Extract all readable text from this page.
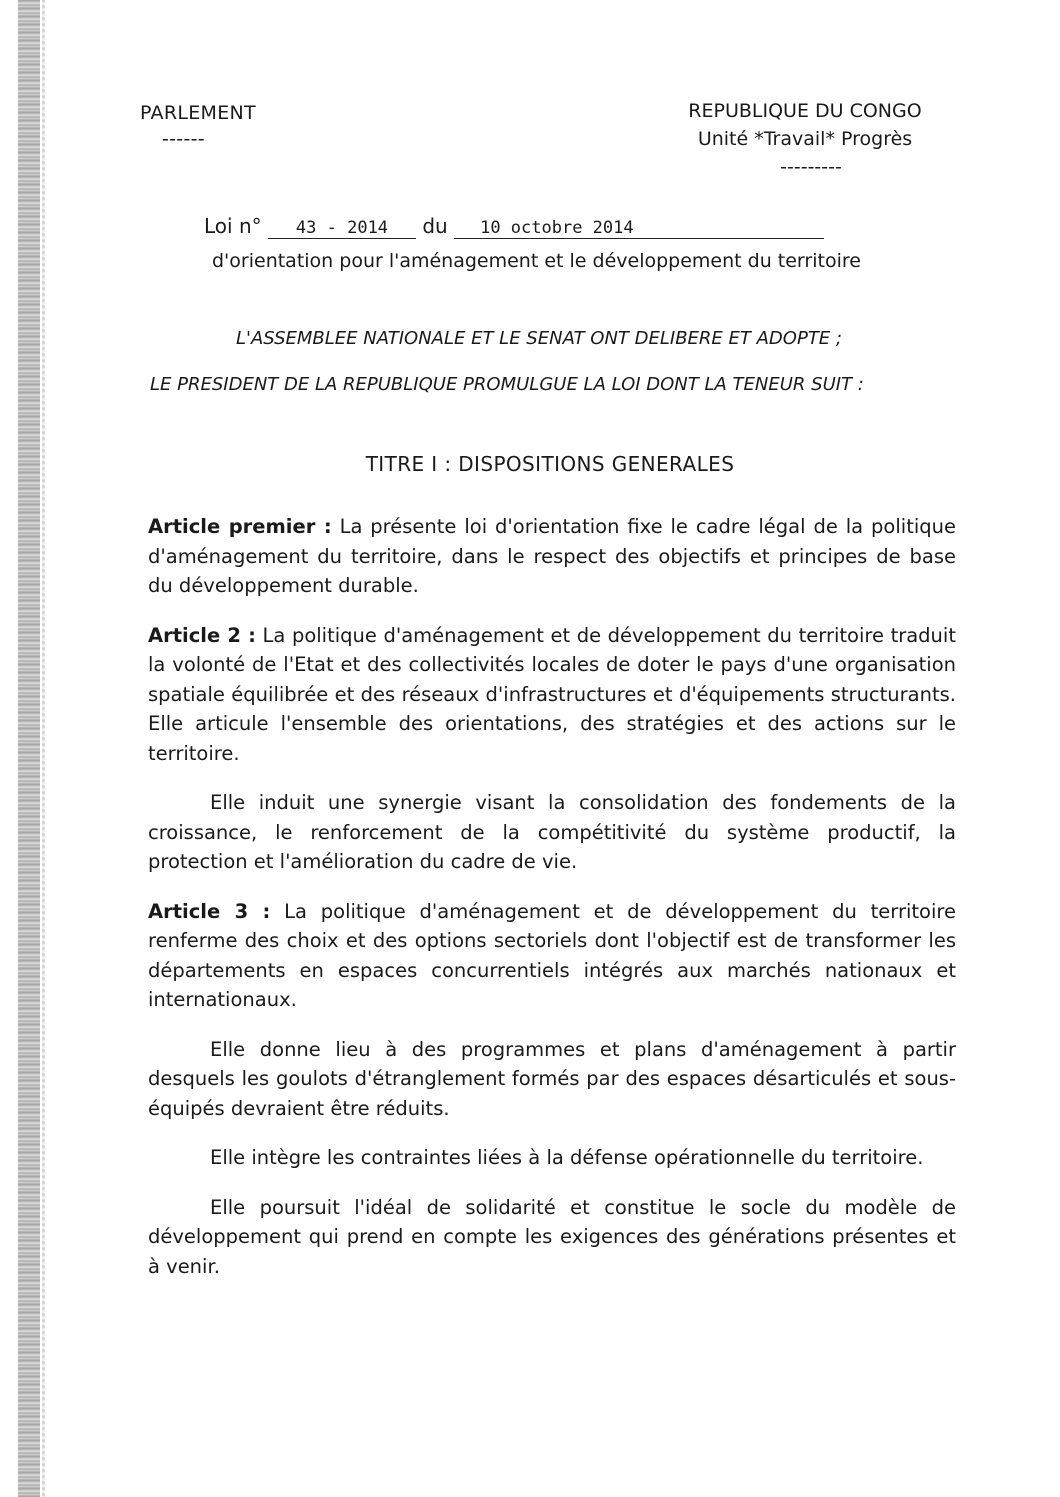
PARLEMENT
------
REPUBLIQUE DU CONGO
Unité *Travail* Progrès
---------
Loi n° 43 - 2014 du 10 octobre 2014
d'orientation pour l'aménagement et le développement du territoire
L'ASSEMBLEE NATIONALE ET LE SENAT ONT DELIBERE ET ADOPTE ;
LE PRESIDENT DE LA REPUBLIQUE PROMULGUE LA LOI DONT LA TENEUR SUIT :
TITRE I : DISPOSITIONS GENERALES

Article premier : La présente loi d'orientation fixe le cadre légal de la politique d'aménagement du territoire, dans le respect des objectifs et principes de base du développement durable.

Article 2 : La politique d'aménagement et de développement du territoire traduit la volonté de l'Etat et des collectivités locales de doter le pays d'une organisation spatiale équilibrée et des réseaux d'infrastructures et d'équipements structurants. Elle articule l'ensemble des orientations, des stratégies et des actions sur le territoire.

Elle induit une synergie visant la consolidation des fondements de la croissance, le renforcement de la compétitivité du système productif, la protection et l'amélioration du cadre de vie.

Article 3 : La politique d'aménagement et de développement du territoire renferme des choix et des options sectoriels dont l'objectif est de transformer les départements en espaces concurrentiels intégrés aux marchés nationaux et internationaux.

Elle donne lieu à des programmes et plans d'aménagement à partir desquels les goulots d'étranglement formés par des espaces désarticulés et sous-équipés devraient être réduits.

Elle intègre les contraintes liées à la défense opérationnelle du territoire.

Elle poursuit l'idéal de solidarité et constitue le socle du modèle de développement qui prend en compte les exigences des générations présentes et à venir.
